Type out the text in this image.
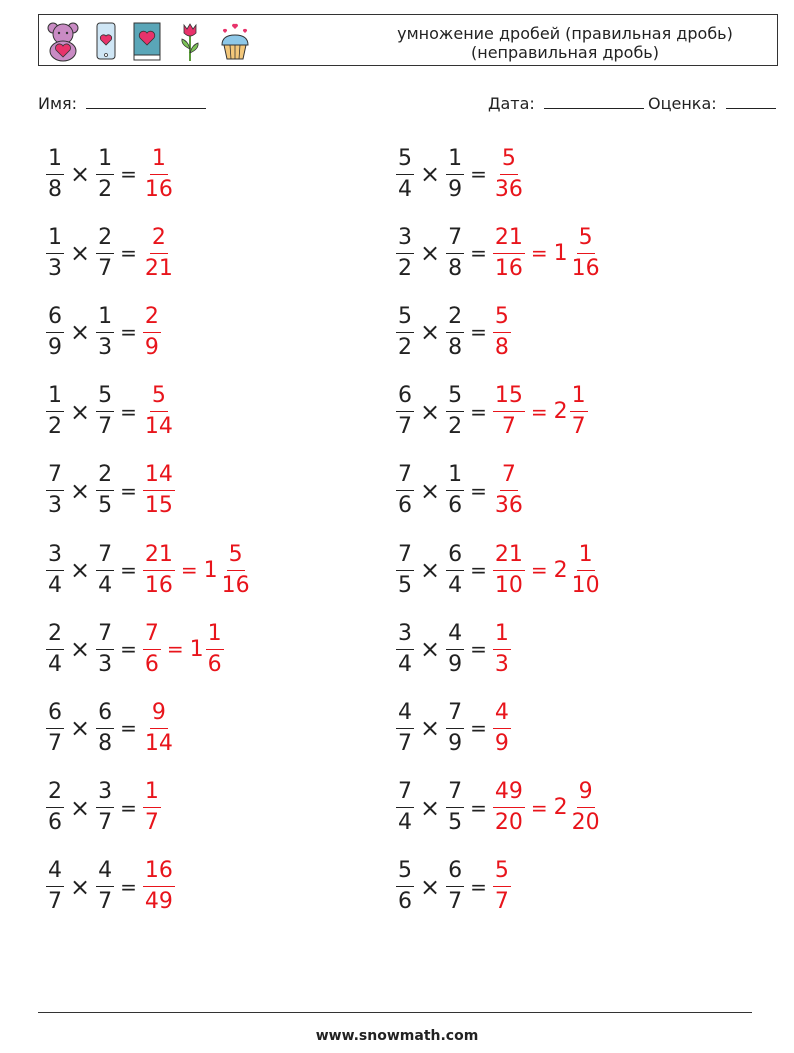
умножение дробей (правильная дробь)
(неправильная дробь)
Имя:	Дата:	Оценка:
$\frac{1}{8} \times \frac{1}{2} = \frac{1}{16}$
$\frac{1}{3} \times \frac{2}{7} = \frac{2}{21}$
$\frac{6}{9} \times \frac{1}{3} = \frac{2}{9}$
$\frac{1}{2} \times \frac{5}{7} = \frac{5}{14}$
$\frac{7}{3} \times \frac{2}{5} = \frac{14}{15}$
$\frac{3}{4} \times \frac{7}{4} = \frac{21}{16} = 1 \frac{5}{16}$
$\frac{2}{4} \times \frac{7}{3} = \frac{7}{6} = 1 \frac{1}{6}$
$\frac{6}{7} \times \frac{6}{8} = \frac{9}{14}$
$\frac{2}{6} \times \frac{3}{7} = \frac{1}{7}$
$\frac{4}{7} \times \frac{4}{7} = \frac{16}{49}$
$\frac{5}{4} \times \frac{1}{9} = \frac{5}{36}$
$\frac{3}{2} \times \frac{7}{8} = \frac{21}{16} = 1 \frac{5}{16}$
$\frac{5}{2} \times \frac{2}{8} = \frac{5}{8}$
$\frac{6}{7} \times \frac{5}{2} = \frac{15}{7} = 2 \frac{1}{7}$
$\frac{7}{6} \times \frac{1}{6} = \frac{7}{36}$
$\frac{7}{5} \times \frac{6}{4} = \frac{21}{10} = 2 \frac{1}{10}$
$\frac{3}{4} \times \frac{4}{9} = \frac{1}{3}$
$\frac{4}{7} \times \frac{7}{9} = \frac{4}{9}$
$\frac{7}{4} \times \frac{7}{5} = \frac{49}{20} = 2 \frac{9}{20}$
$\frac{5}{6} \times \frac{6}{7} = \frac{5}{7}$
www.snowmath.com
